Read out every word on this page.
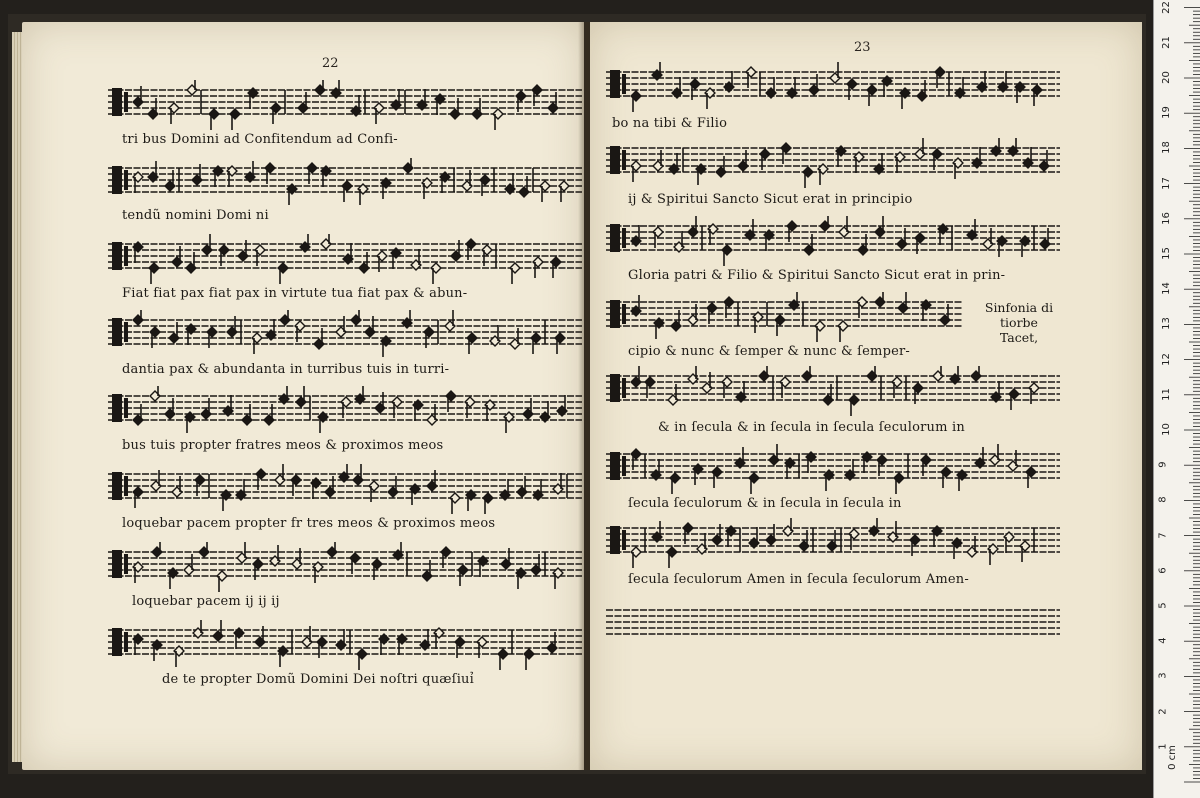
22
tri bus Domini ad Confitendum ad Confi-
tendũ nomini Domi ni
Fiat fiat pax fiat pax in virtute tua fiat pax & abun-
dantia pax & abundanta in turribus tuis in turri-
bus tuis propter fratres meos & proximos meos
loquebar pacem propter fr tres meos & proximos meos
loquebar pacem ij ij ij
de te propter Domũ Domini Dei noſtri quæſiuỉ
23
bo na tibi & Filio
ij & Spiritui Sancto Sicut erat in principio
Gloria patri & Filio & Spiritui Sancto Sicut erat in prin-
Sinfonia di tiorbe
Tacet,
cipio & nunc & ſemper & nunc & ſemper-
& in ſecula & in ſecula in ſecula ſeculorum in
ſecula ſeculorum & in ſecula in ſecula in
ſecula ſeculorum Amen in ſecula ſeculorum Amen-
0 cm
1
2
3
4
5
6
7
8
9
10
11
12
13
14
15
16
17
18
19
20
21
22
